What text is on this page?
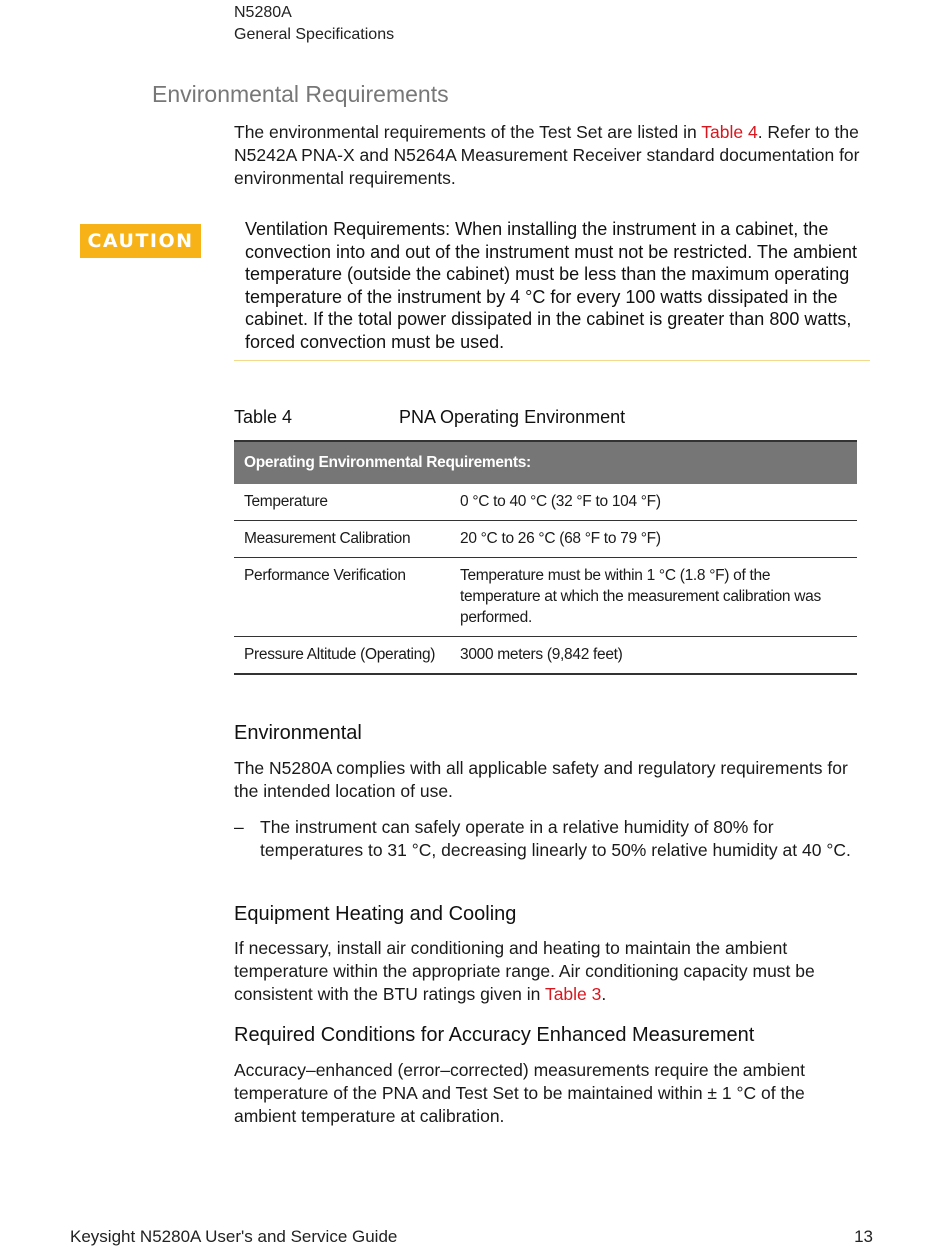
N5280A
General Specifications
Environmental Requirements

The environmental requirements of the Test Set are listed in Table 4. Refer to the N5242A PNA-X and N5264A Measurement Receiver standard documentation for environmental requirements.

CAUTION

Ventilation Requirements: When installing the instrument in a cabinet, the convection into and out of the instrument must not be restricted. The ambient temperature (outside the cabinet) must be less than the maximum operating temperature of the instrument by 4 °C for every 100 watts dissipated in the cabinet. If the total power dissipated in the cabinet is greater than 800 watts, forced convection must be used.

Table 4	PNA Operating Environment
Operating Environmental Requirements:	
Temperature	0 °C to 40 °C (32 °F to 104 °F)
Measurement Calibration	20 °C to 26 °C (68 °F to 79 °F)
Performance Verification	Temperature must be within 1 °C (1.8 °F) of the temperature at which the measurement calibration was performed.
Pressure Altitude (Operating)	3000 meters (9,842 feet)
Environmental

The N5280A complies with all applicable safety and regulatory requirements for the intended location of use.

– The instrument can safely operate in a relative humidity of 80% for temperatures to 31 °C, decreasing linearly to 50% relative humidity at 40 °C.
Equipment Heating and Cooling

If necessary, install air conditioning and heating to maintain the ambient temperature within the appropriate range. Air conditioning capacity must be consistent with the BTU ratings given in Table 3.

Required Conditions for Accuracy Enhanced Measurement

Accuracy–enhanced (error–corrected) measurements require the ambient temperature of the PNA and Test Set to be maintained within ± 1 °C of the ambient temperature at calibration.

Keysight N5280A User's and Service Guide	13
